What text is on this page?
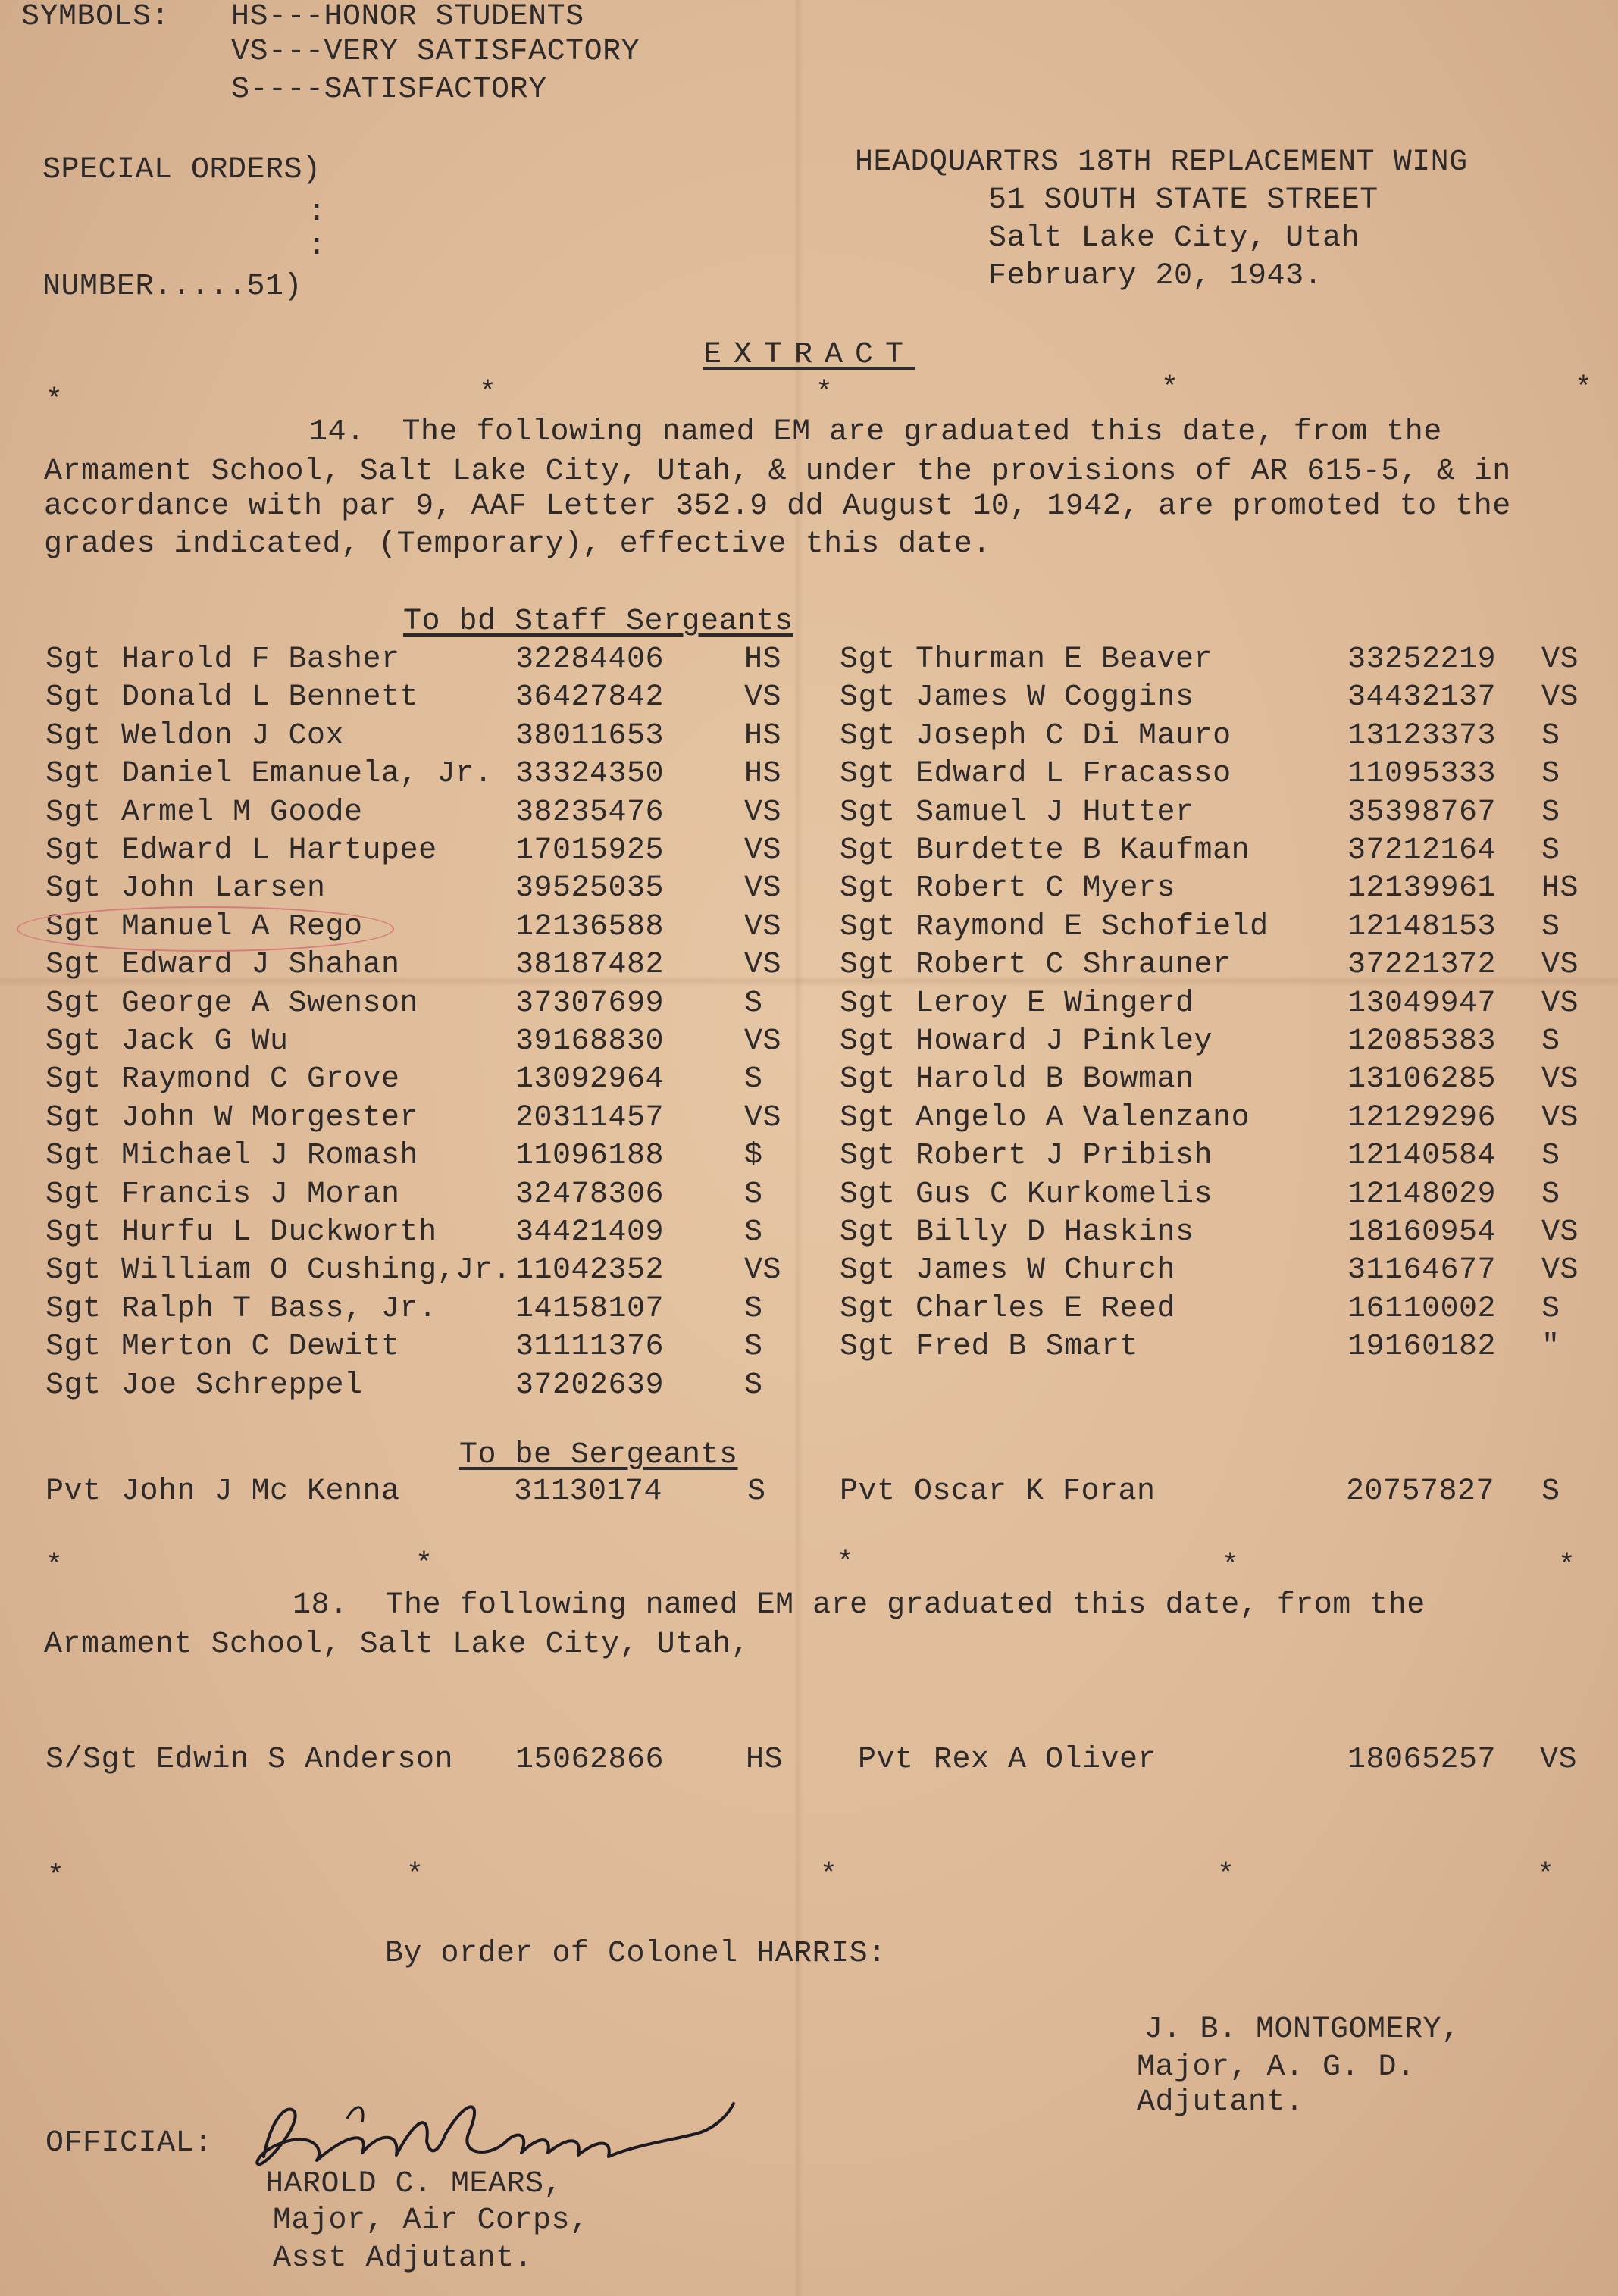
SYMBOLS: HS---HONOR STUDENTS
VS---VERY SATISFACTORY
S----SATISFACTORY
SPECIAL ORDERS)
:
:
NUMBER.....51)
HEADQUARTRS 18TH REPLACEMENT WING
51 SOUTH STATE STREET
Salt Lake City, Utah
February 20, 1943.
EXTRACT
*	*	*	*	*
14.  The following named EM are graduated this date, from the
Armament School, Salt Lake City, Utah, & under the provisions of AR 615-5, & in
accordance with par 9, AAF Letter 352.9 dd August 10, 1942, are promoted to the
grades indicated, (Temporary), effective this date.
To bd Staff Sergeants
Sgt Harold F Basher	32284406	HS
Sgt Donald L Bennett	36427842	VS
Sgt Weldon J Cox	38011653	HS
Sgt Daniel Emanuela, Jr. 33324350	HS
Sgt Armel M Goode	38235476	VS
Sgt Edward L Hartupee	17015925	VS
Sgt John Larsen	39525035	VS
Sgt Manuel A Rego	12136588	VS
Sgt Edward J Shahan	38187482	VS
Sgt George A Swenson	37307699	S
Sgt Jack G Wu	39168830	VS
Sgt Raymond C Grove	13092964	S
Sgt John W Morgester	20311457	VS
Sgt Michael J Romash	11096188	$
Sgt Francis J Moran	32478306	S
Sgt Hurfu L Duckworth	34421409	S
Sgt William O Cushing,Jr. 11042352	VS
Sgt Ralph T Bass, Jr.	14158107	S
Sgt Merton C Dewitt	31111376	S
Sgt Joe Schreppel	37202639	S
Sgt Thurman E Beaver	33252219 VS
Sgt James W Coggins	34432137 VS
Sgt Joseph C Di Mauro	13123373 S
Sgt Edward L Fracasso	11095333 S
Sgt Samuel J Hutter	35398767 S
Sgt Burdette B Kaufman	37212164 S
Sgt Robert C Myers	12139961 HS
Sgt Raymond E Schofield	12148153 S
Sgt Robert C Shrauner	37221372 VS
Sgt Leroy E Wingerd	13049947 VS
Sgt Howard J Pinkley	12085383 S
Sgt Harold B Bowman	13106285 VS
Sgt Angelo A Valenzano	12129296 VS
Sgt Robert J Pribish	12140584 S
Sgt Gus C Kurkomelis	12148029 S
Sgt Billy D Haskins	18160954 VS
Sgt James W Church	31164677 VS
Sgt Charles E Reed	16110002 S
Sgt Fred B Smart	19160182 "
To be Sergeants
Pvt John J Mc Kenna	31130174	S Pvt Oscar K Foran	20757827 S
*	*	*	*	*
18.  The following named EM are graduated this date, from the
Armament School, Salt Lake City, Utah,
S/Sgt Edwin S Anderson 15062866	HS Pvt Rex A Oliver	18065257 VS
*	*	*	*	*
By order of Colonel HARRIS:
J. B. MONTGOMERY,
Major, A. G. D.
Adjutant.
OFFICIAL:
HAROLD C. MEARS,
Major, Air Corps,
Asst Adjutant.
